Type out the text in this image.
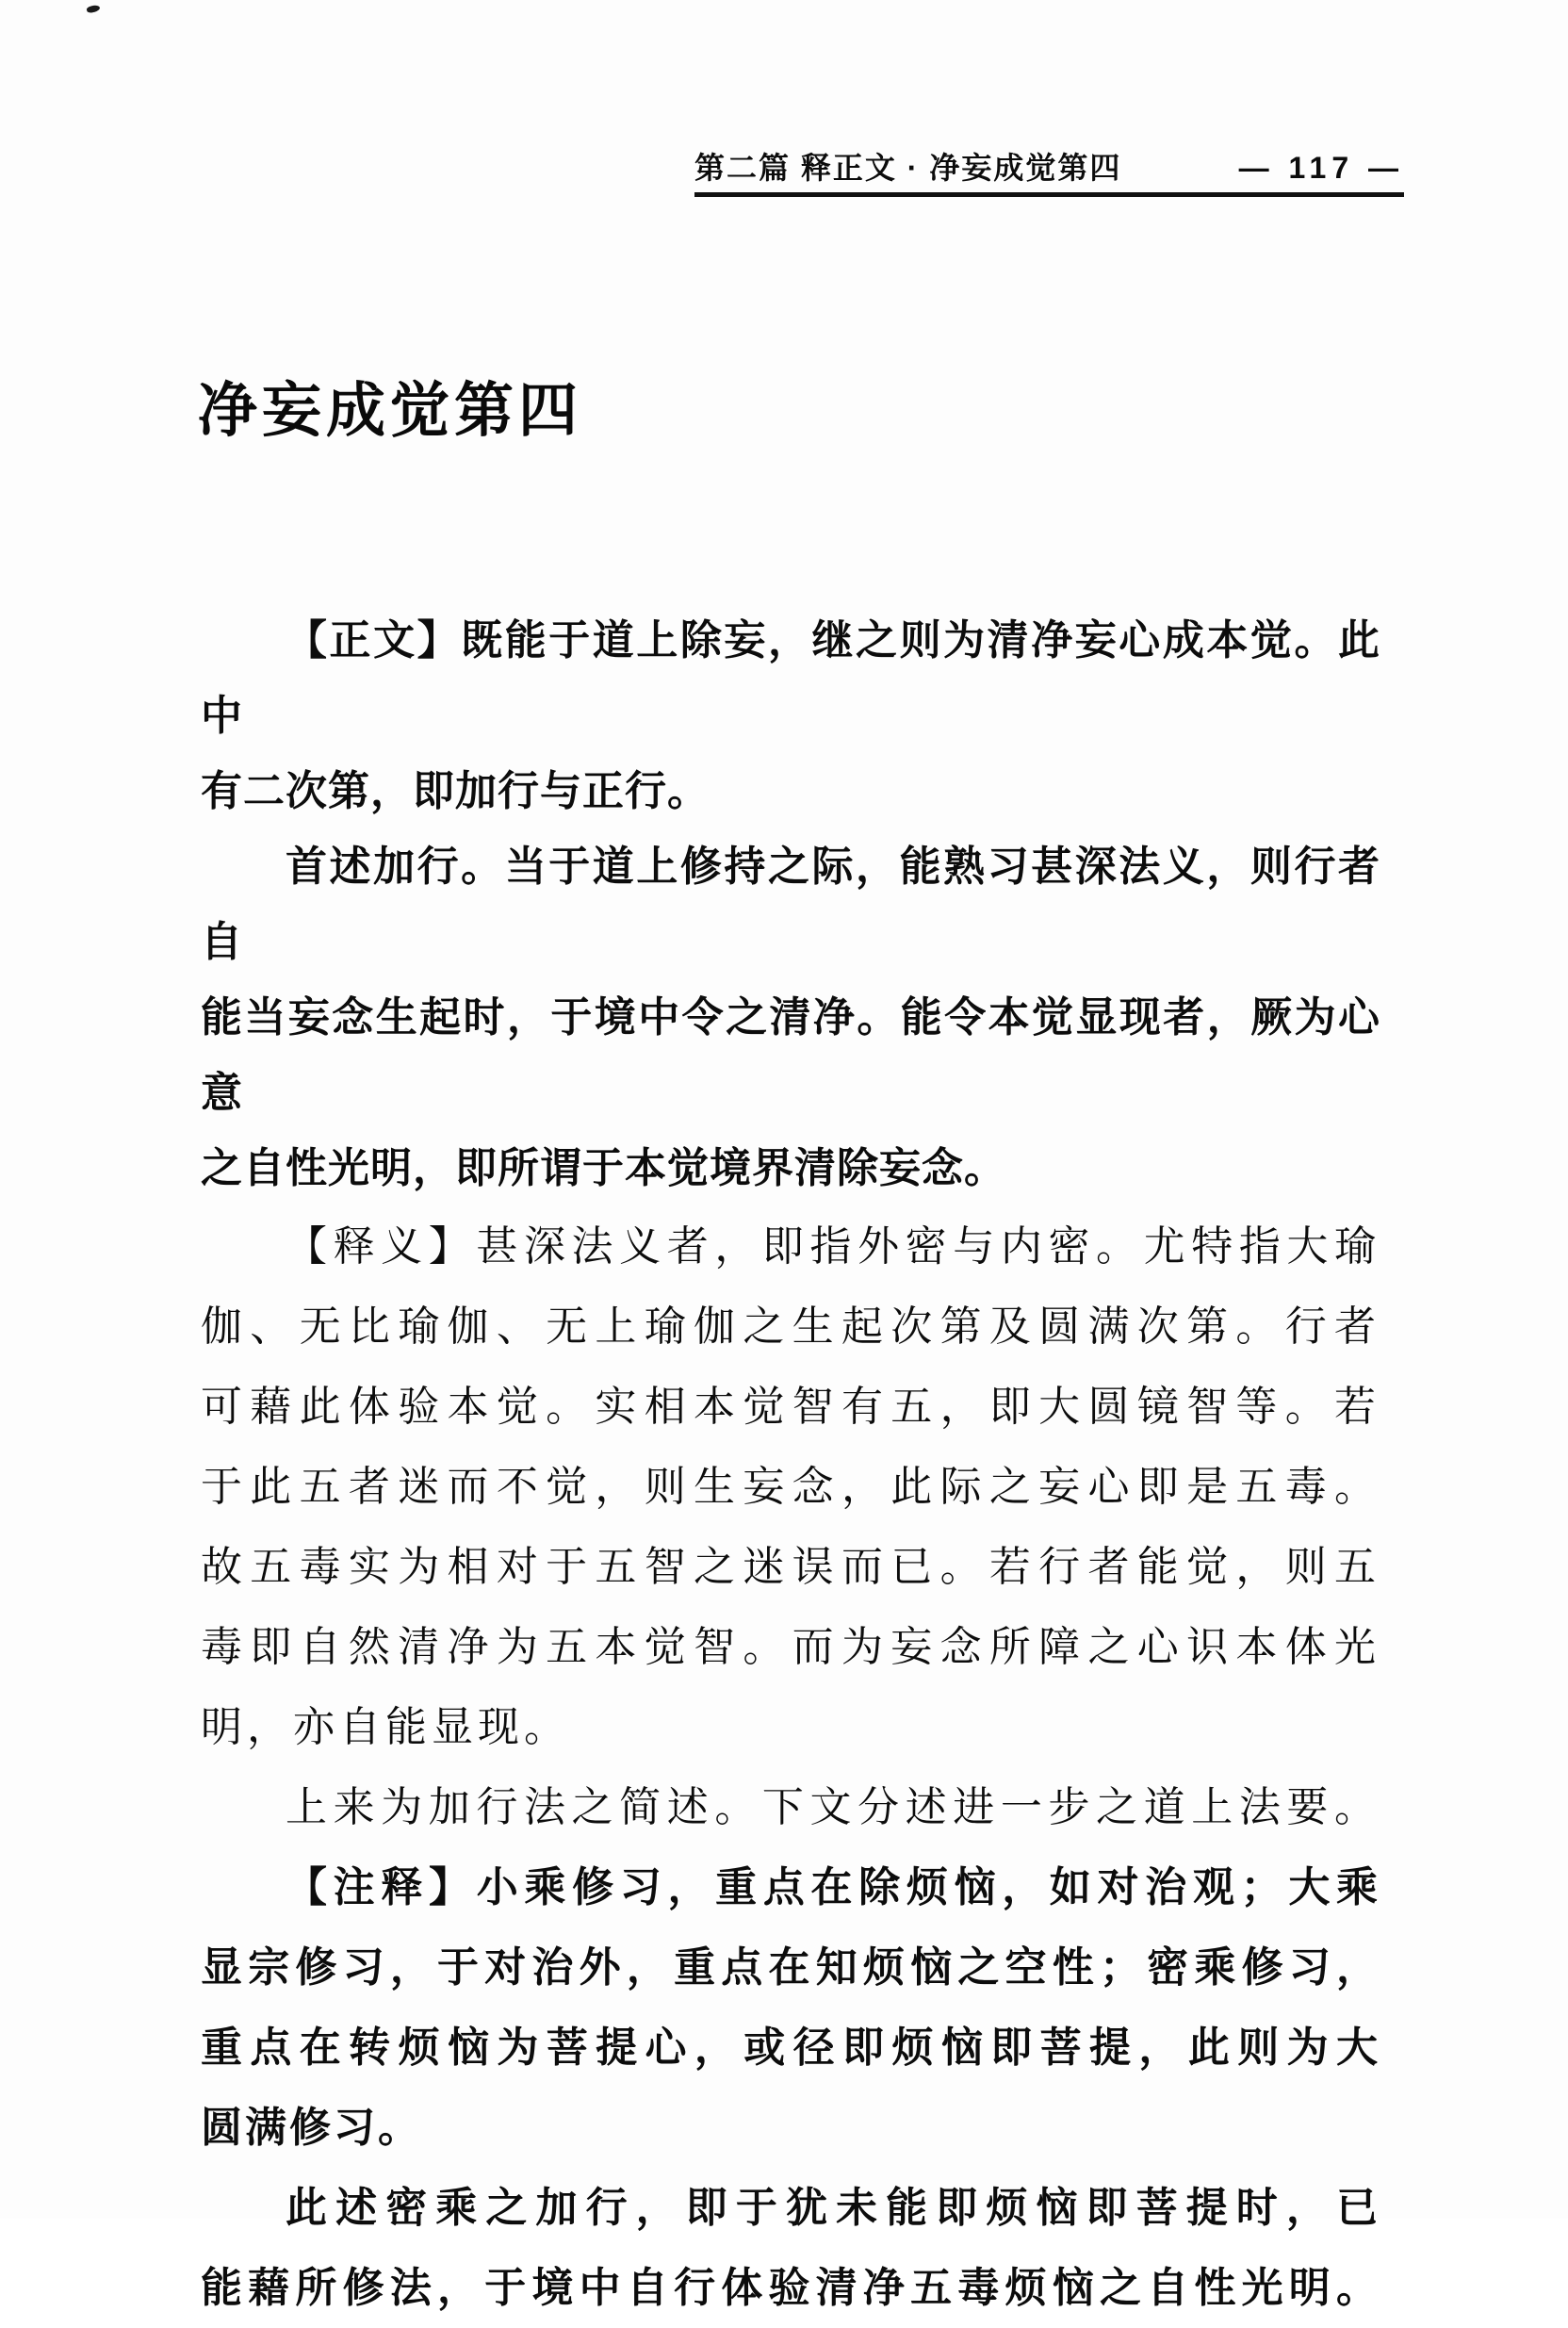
第二篇 释正文 · 净妄成觉第四	— 117 —
净妄成觉第四
【正文】既能于道上除妄，继之则为清净妄心成本觉。此中
有二次第，即加行与正行。
首述加行。当于道上修持之际，能熟习甚深法义，则行者自
能当妄念生起时，于境中令之清净。能令本觉显现者，厥为心意
之自性光明，即所谓于本觉境界清除妄念。
【释义】甚深法义者，即指外密与内密。尤特指大瑜
伽、无比瑜伽、无上瑜伽之生起次第及圆满次第。行者
可藉此体验本觉。实相本觉智有五，即大圆镜智等。若
于此五者迷而不觉，则生妄念，此际之妄心即是五毒。
故五毒实为相对于五智之迷误而已。若行者能觉，则五
毒即自然清净为五本觉智。而为妄念所障之心识本体光
明，亦自能显现。
上来为加行法之简述。下文分述进一步之道上法要。
【注释】小乘修习，重点在除烦恼，如对治观；大乘
显宗修习，于对治外，重点在知烦恼之空性；密乘修习，
重点在转烦恼为菩提心，或径即烦恼即菩提，此则为大
圆满修习。
此述密乘之加行，即于犹未能即烦恼即菩提时，已
能藉所修法，于境中自行体验清净五毒烦恼之自性光明。
